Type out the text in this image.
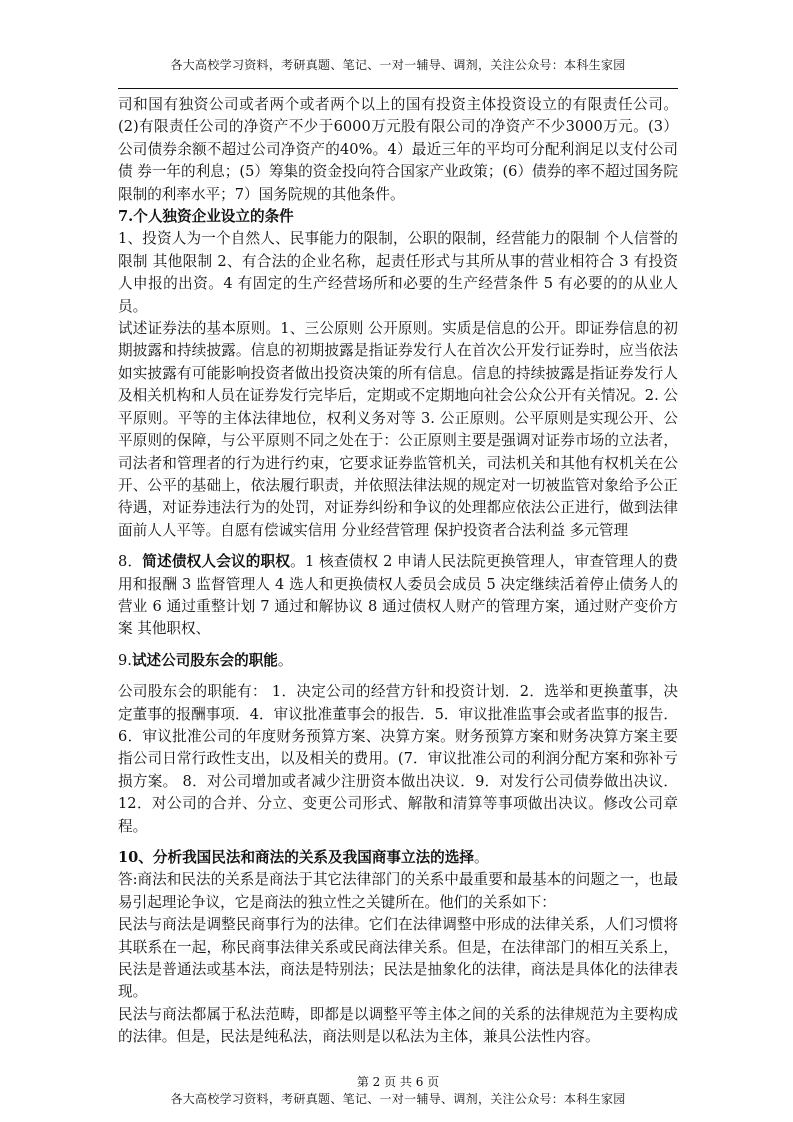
各大高校学习资料，考研真题、笔记、一对一辅导、调剂，关注公众号：本科生家园

司和国有独资公司或者两个或者两个以上的国有投资主体投资设立的有限责任公司。(2)有限责任公司的净资产不少于6000万元股有限公司的净资产不少3000万元。(3）公司债券余额不超过公司净资产的40%。4）最近三年的平均可分配利润足以支付公司 债 券一年的利息；(5）筹集的资金投向符合国家产业政策；(6）债券的率不超过国务院限制的利率水平；7）国务院规的其他条件。

7.个人独资企业设立的条件

1、投资人为一个自然人、民事能力的限制，公职的限制，经营能力的限制 个人信誉的限制 其他限制 2、有合法的企业名称，起责任形式与其所从事的营业相符合 3 有投资人申报的出资。4 有固定的生产经营场所和必要的生产经营条件 5 有必要的的从业人员。

试述证券法的基本原则。1、三公原则 公开原则。实质是信息的公开。即证券信息的初期披露和持续披露。信息的初期披露是指证券发行人在首次公开发行证券时，应当依法如实披露有可能影响投资者做出投资决策的所有信息。信息的持续披露是指证券发行人及相关机构和人员在证券发行完毕后，定期或不定期地向社会公众公开有关情况。2. 公平原则。平等的主体法律地位，权利义务对等 3. 公正原则。公平原则是实现公开、公平原则的保障，与公平原则不同之处在于：公正原则主要是强调对证券市场的立法者，司法者和管理者的行为进行约束，它要求证券监管机关，司法机关和其他有权机关在公开、公平的基础上，依法履行职责，并依照法律法规的规定对一切被监管对象给予公正待遇，对证券违法行为的处罚，对证券纠纷和争议的处理都应依法公正进行，做到法律面前人人平等。自愿有偿诚实信用 分业经营管理 保护投资者合法利益 多元管理

8．简述债权人会议的职权。1 核查债权 2 申请人民法院更换管理人，审查管理人的费用和报酬 3 监督管理人 4 选人和更换债权人委员会成员 5 决定继续活着停止债务人的营业 6 通过重整计划 7 通过和解协议 8 通过债权人财产的管理方案，通过财产变价方案 其他职权、

9.试述公司股东会的职能。

公司股东会的职能有： 1．决定公司的经营方针和投资计划．2．选举和更换董事，决定董事的报酬事项．4．审议批准董事会的报告．5．审议批准监事会或者监事的报告．6．审议批准公司的年度财务预算方案、决算方案。财务预算方案和财务决算方案主要指公司日常行政性支出，以及相关的费用。(7．审议批准公司的利润分配方案和弥补亏损方案。 8．对公司增加或者减少注册资本做出决议．9．对发行公司债券做出决议．12．对公司的合并、分立、变更公司形式、解散和清算等事项做出决议。修改公司章程。

10、分析我国民法和商法的关系及我国商事立法的选择。

答:商法和民法的关系是商法于其它法律部门的关系中最重要和最基本的问题之一，也最易引起理论争议，它是商法的独立性之关键所在。他们的关系如下：

民法与商法是调整民商事行为的法律。它们在法律调整中形成的法律关系，人们习惯将其联系在一起，称民商事法律关系或民商法律关系。但是，在法律部门的相互关系上，民法是普通法或基本法，商法是特别法；民法是抽象化的法律，商法是具体化的法律表现。

民法与商法都属于私法范畴，即都是以调整平等主体之间的关系的法律规范为主要构成的法律。但是，民法是纯私法，商法则是以私法为主体，兼具公法性内容。

第 2 页 共 6 页
各大高校学习资料，考研真题、笔记、一对一辅导、调剂，关注公众号：本科生家园
